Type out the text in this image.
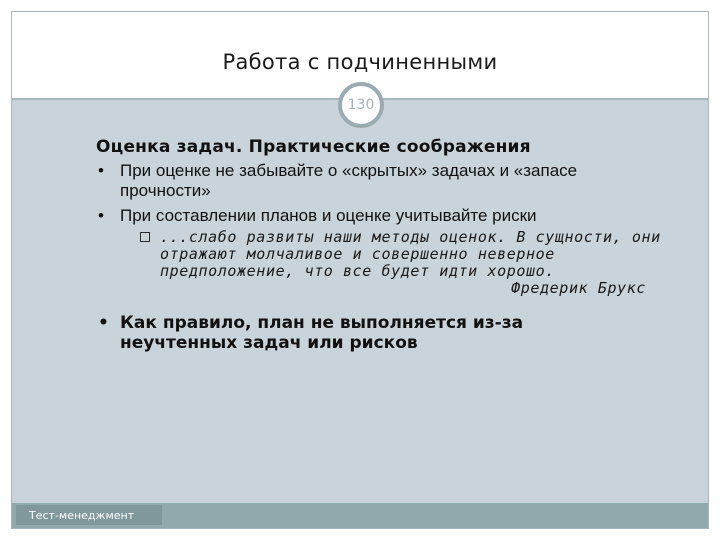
Работа с подчиненными
130
Тест-менеджмент
Оценка задач. Практические соображения
• При оценке не забывайте о «скрытых» задачах и «запасе прочности»
• При составлении планов и оценке учитывайте риски
...слабо развиты наши методы оценок. В сущности, они отражают молчаливое и совершенно неверное предположение, что все будет идти хорошо.
Фредерик Брукс
• Как правило, план не выполняется из-за неучтенных задач или рисков
